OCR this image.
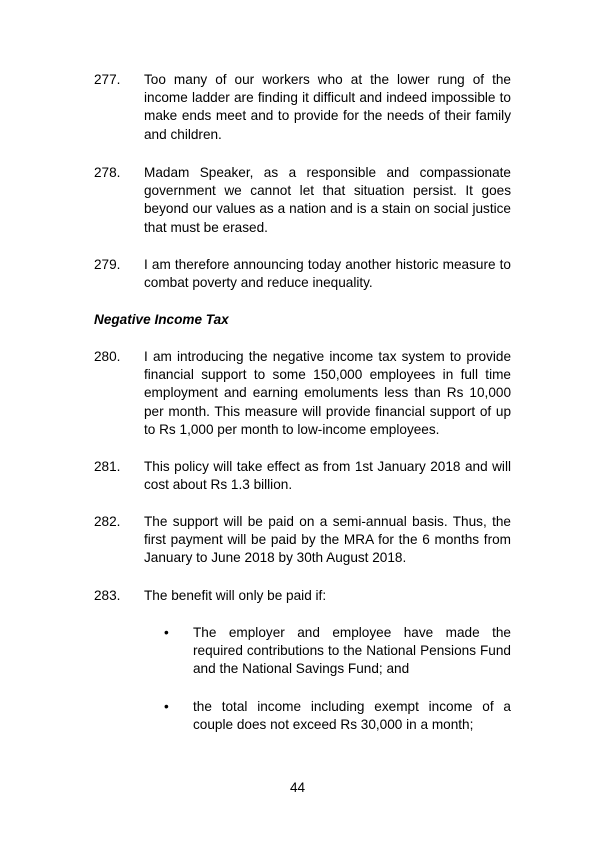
277. Too many of our workers who at the lower rung of the income ladder are finding it difficult and indeed impossible to make ends meet and to provide for the needs of their family and children.
278. Madam Speaker, as a responsible and compassionate government we cannot let that situation persist. It goes beyond our values as a nation and is a stain on social justice that must be erased.
279. I am therefore announcing today another historic measure to combat poverty and reduce inequality.
Negative Income Tax
280. I am introducing the negative income tax system to provide financial support to some 150,000 employees in full time employment and earning emoluments less than Rs 10,000 per month. This measure will provide financial support of up to Rs 1,000 per month to low-income employees.
281. This policy will take effect as from 1st January 2018 and will cost about Rs 1.3 billion.
282. The support will be paid on a semi-annual basis. Thus, the first payment will be paid by the MRA for the 6 months from January to June 2018 by 30th August 2018.
283. The benefit will only be paid if:
• The employer and employee have made the required contributions to the National Pensions Fund and the National Savings Fund; and
• the total income including exempt income of a couple does not exceed Rs 30,000 in a month;
44
